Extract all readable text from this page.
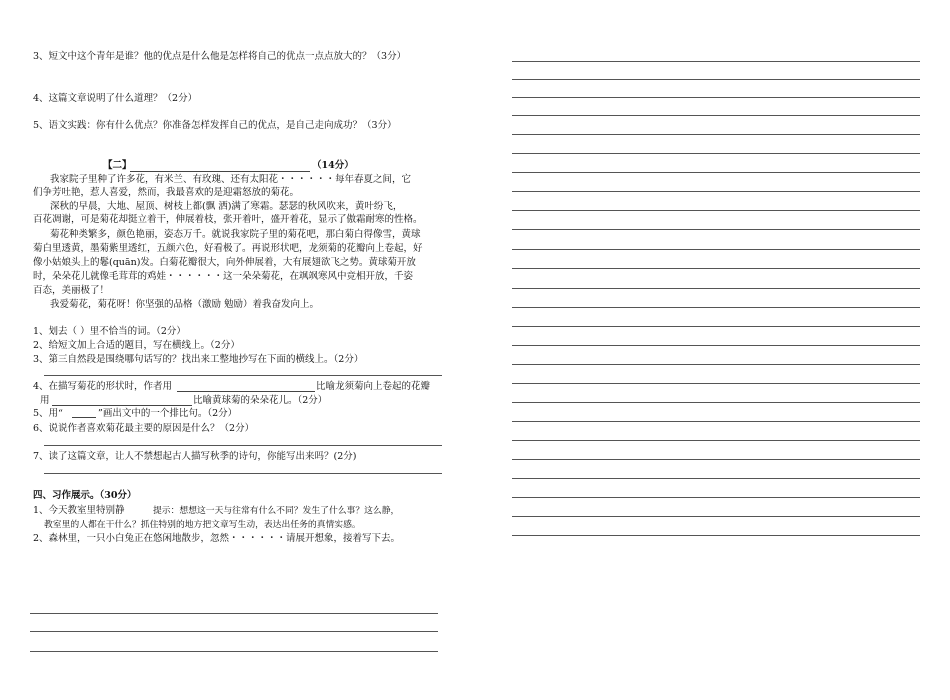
3、短文中这个青年是谁？他的优点是什么他是怎样将自己的优点一点点放大的？（3分）
4、这篇文章说明了什么道理？（2分）
5、语文实践：你有什么优点？你准备怎样发挥自己的优点，是自己走向成功？（3分）
【二】	（14分）
我家院子里种了许多花，有米兰、有玫瑰、还有太阳花・・・・・・每年春夏之间，它
们争芳吐艳，惹人喜爱，然而，我最喜欢的是迎霜怒放的菊花。
深秋的早晨，大地、屋顶、树枝上都(飘 洒)满了寒霜。瑟瑟的秋风吹来，黄叶纷飞，
百花凋谢，可是菊花却挺立着干，伸展着枝，张开着叶，盛开着花，显示了傲霜耐寒的性格。
菊花种类繁多，颜色艳丽，姿态万千。就说我家院子里的菊花吧，那白菊白得像雪，黄球
菊白里透黄，墨菊紫里透红，五颜六色，好看极了。再说形状吧，龙须菊的花瓣向上卷起，好
像小姑娘头上的鬈(quān)发。白菊花瓣很大，向外伸展着，大有展翅欲飞之势。黄球菊开放
时，朵朵花儿就像毛茸茸的鸡娃・・・・・・这一朵朵菊花，在飒飒寒风中竞相开放，千姿
百态，美丽极了！
我爱菊花，菊花呀！你坚强的品格（激励 勉励）着我奋发向上。
1、划去（ ）里不恰当的词。（2分）
2、给短文加上合适的题目，写在横线上。（2分）
3、第三自然段是围绕哪句话写的？找出来工整地抄写在下面的横线上。（2分）
4、在描写菊花的形状时，作者用	比喻龙须菊向上卷起的花瓣
用	比喻黄球菊的朵朵花儿。（2分）
5、用“	”画出文中的一个排比句。（2分）
6、说说作者喜欢菊花最主要的原因是什么？（2分）
7、读了这篇文章，让人不禁想起古人描写秋季的诗句，你能写出来吗？(2分)
四、习作展示。（30分）
1、今天教室里特别静	提示：想想这一天与往常有什么不同？发生了什么事？这么静，
教室里的人都在干什么？抓住特别的地方把文章写生动，表达出任务的真情实感。
2、森林里，一只小白兔正在悠闲地散步，忽然・・・・・・请展开想象，接着写下去。
